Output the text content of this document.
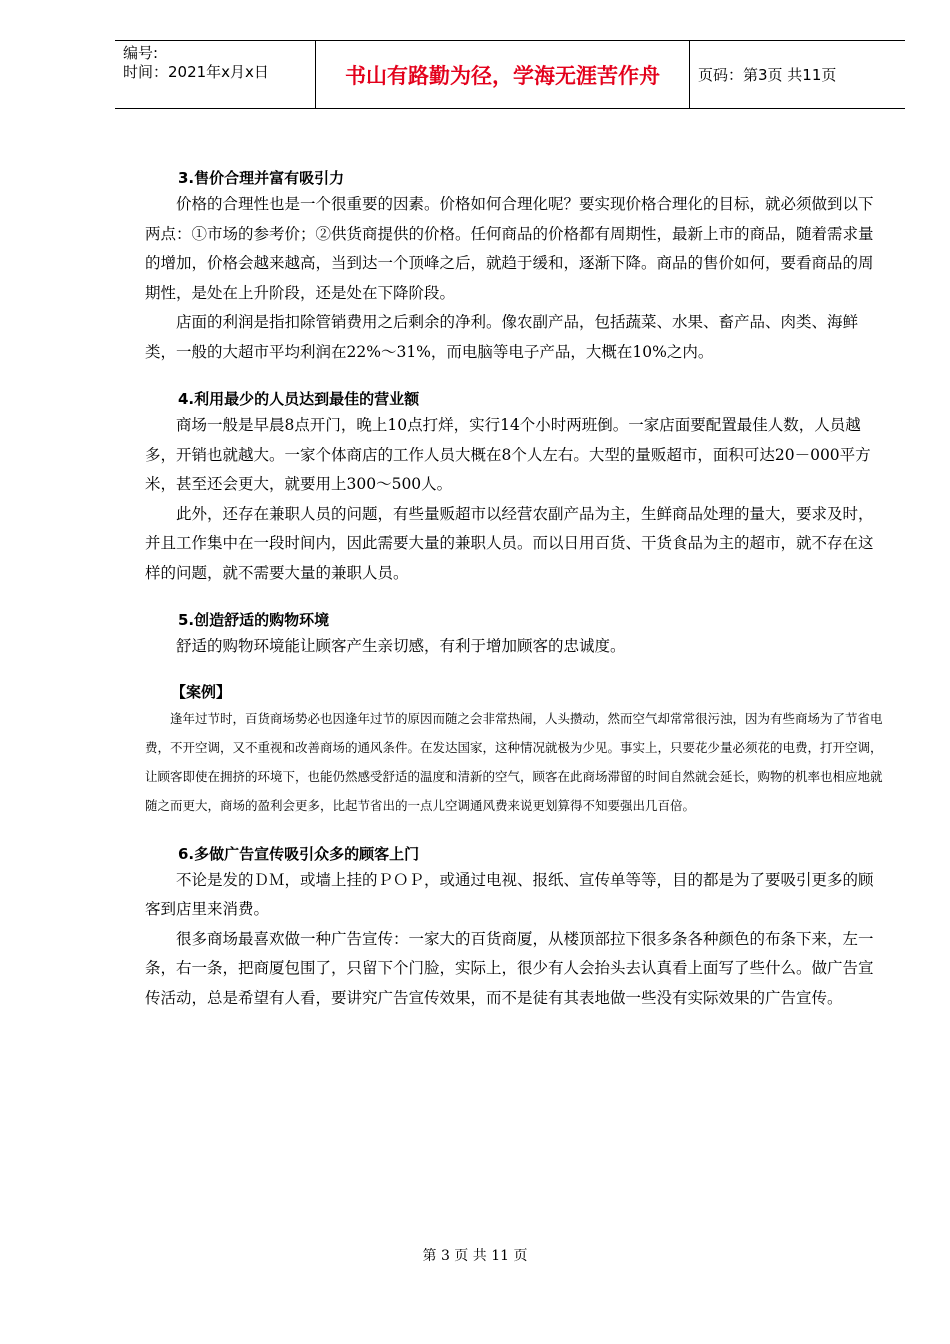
编号:
时间：2021年x月x日	书山有路勤为径，学海无涯苦作舟	页码：第3页 共11页
3.售价合理并富有吸引力

价格的合理性也是一个很重要的因素。价格如何合理化呢？要实现价格合理化的目标，就必须做到以下两点：①市场的参考价；②供货商提供的价格。任何商品的价格都有周期性，最新上市的商品，随着需求量的增加，价格会越来越高，当到达一个顶峰之后，就趋于缓和，逐渐下降。商品的售价如何，要看商品的周期性，是处在上升阶段，还是处在下降阶段。

店面的利润是指扣除管销费用之后剩余的净利。像农副产品，包括蔬菜、水果、畜产品、肉类、海鲜类，一般的大超市平均利润在22%～31%，而电脑等电子产品，大概在10%之内。

4.利用最少的人员达到最佳的营业额

商场一般是早晨8点开门，晚上10点打烊，实行14个小时两班倒。一家店面要配置最佳人数，人员越多，开销也就越大。一家个体商店的工作人员大概在8个人左右。大型的量贩超市，面积可达20－000平方米，甚至还会更大，就要用上300～500人。

此外，还存在兼职人员的问题，有些量贩超市以经营农副产品为主，生鲜商品处理的量大，要求及时，并且工作集中在一段时间内，因此需要大量的兼职人员。而以日用百货、干货食品为主的超市，就不存在这样的问题，就不需要大量的兼职人员。

5.创造舒适的购物环境

舒适的购物环境能让顾客产生亲切感，有利于增加顾客的忠诚度。

【案例】

逢年过节时，百货商场势必也因逢年过节的原因而随之会非常热闹，人头攒动，然而空气却常常很污浊，因为有些商场为了节省电费，不开空调，又不重视和改善商场的通风条件。在发达国家，这种情况就极为少见。事实上，只要花少量必须花的电费，打开空调，让顾客即使在拥挤的环境下，也能仍然感受舒适的温度和清新的空气，顾客在此商场滞留的时间自然就会延长，购物的机率也相应地就随之而更大，商场的盈利会更多，比起节省出的一点儿空调通风费来说更划算得不知要强出几百倍。

6.多做广告宣传吸引众多的顾客上门

不论是发的ＤＭ，或墙上挂的ＰＯＰ，或通过电视、报纸、宣传单等等，目的都是为了要吸引更多的顾客到店里来消费。

很多商场最喜欢做一种广告宣传：一家大的百货商厦，从楼顶部拉下很多条各种颜色的布条下来，左一条，右一条，把商厦包围了，只留下个门脸，实际上，很少有人会抬头去认真看上面写了些什么。做广告宣传活动，总是希望有人看，要讲究广告宣传效果，而不是徒有其表地做一些没有实际效果的广告宣传。

第 3 页 共 11 页
